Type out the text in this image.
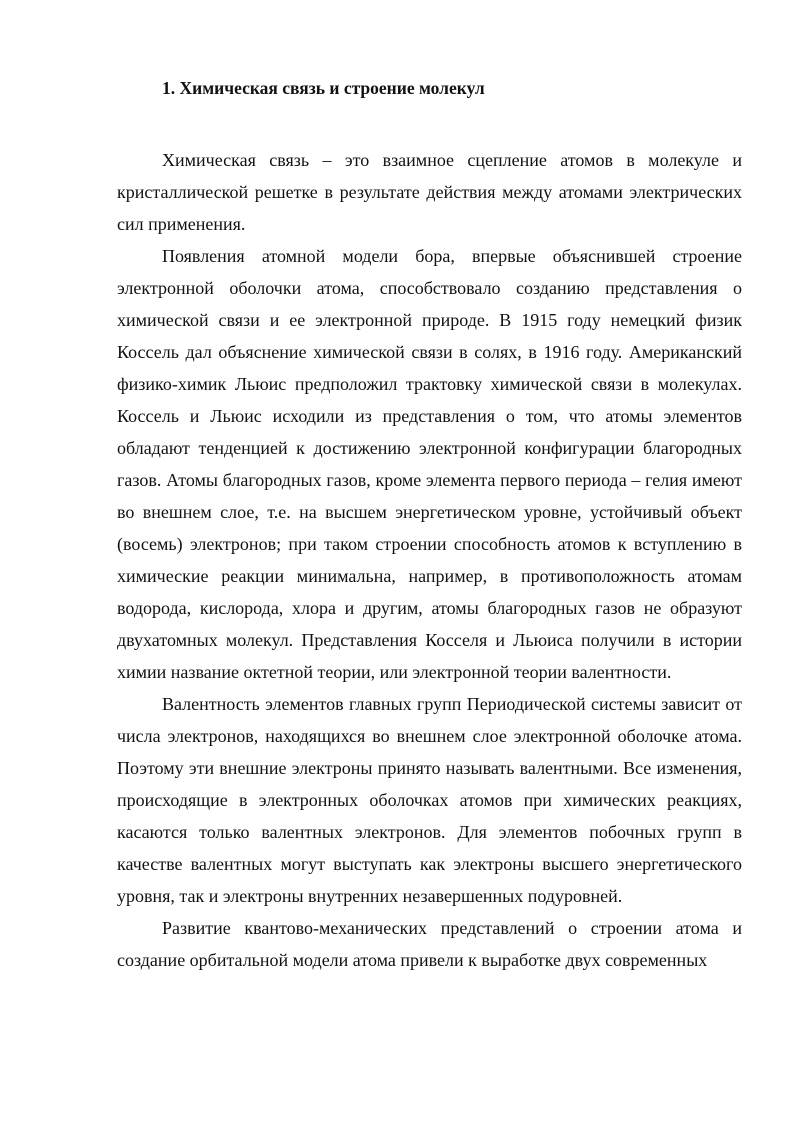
1. Химическая связь и строение молекул

Химическая связь – это взаимное сцепление атомов в молекуле и кристаллической решетке в результате действия между атомами электрических сил применения.

Появления атомной модели бора, впервые объяснившей строение электронной оболочки атома, способствовало созданию представления о химической связи и ее электронной природе. В 1915 году немецкий физик Коссель дал объяснение химической связи в солях, в 1916 году. Американский физико-химик Льюис предположил трактовку химической связи в молекулах. Коссель и Льюис исходили из представления о том, что атомы элементов обладают тенденцией к достижению электронной конфигурации благородных газов. Атомы благородных газов, кроме элемента первого периода – гелия имеют во внешнем слое, т.е. на высшем энергетическом уровне, устойчивый объект (восемь) электронов; при таком строении способность атомов к вступлению в химические реакции минимальна, например, в противоположность атомам водорода, кислорода, хлора и другим, атомы благородных газов не образуют двухатомных молекул. Представления Косселя и Льюиса получили в истории химии название октетной теории, или электронной теории валентности.

Валентность элементов главных групп Периодической системы зависит от числа электронов, находящихся во внешнем слое электронной оболочке атома. Поэтому эти внешние электроны принято называть валентными. Все изменения, происходящие в электронных оболочках атомов при химических реакциях, касаются только валентных электронов. Для элементов побочных групп в качестве валентных могут выступать как электроны высшего энергетического уровня, так и электроны внутренних незавершенных подуровней.

Развитие квантово-механических представлений о строении атома и создание орбитальной модели атома привели к выработке двух современных
